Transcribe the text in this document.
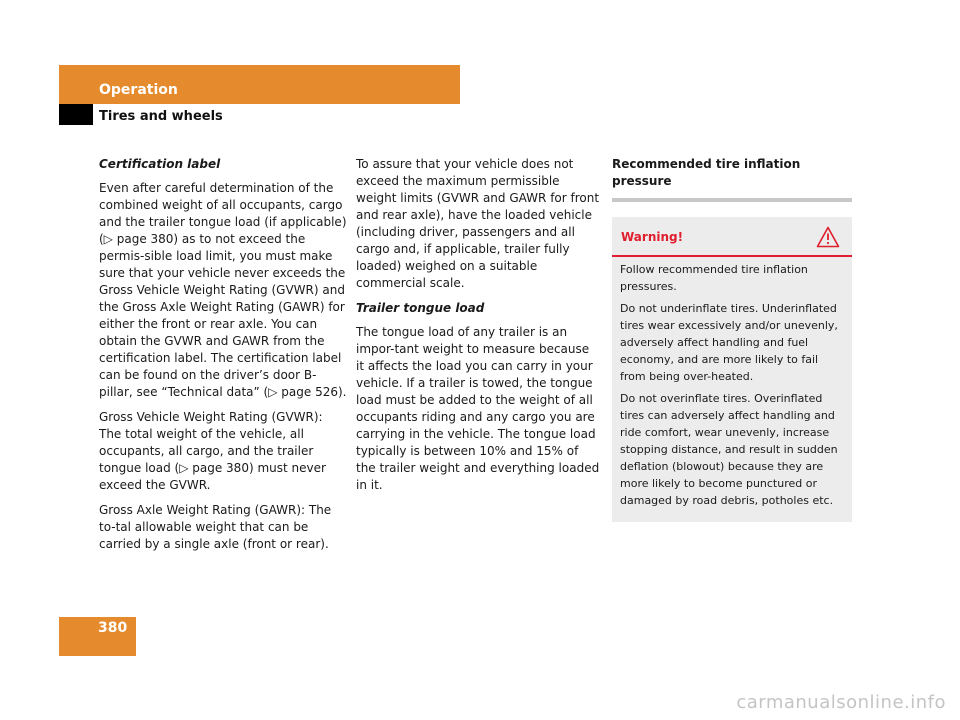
Operation
Tires and wheels

Certification label

Even after careful determination of the combined weight of all occupants, cargo and the trailer tongue load (if applicable) (▷ page 380) as to not exceed the permis-sible load limit, you must make sure that your vehicle never exceeds the Gross Vehicle Weight Rating (GVWR) and the Gross Axle Weight Rating (GAWR) for either the front or rear axle. You can obtain the GVWR and GAWR from the certification label. The certification label can be found on the driver’s door B-pillar, see “Technical data” (▷ page 526).

Gross Vehicle Weight Rating (GVWR): The total weight of the vehicle, all occupants, all cargo, and the trailer tongue load (▷ page 380) must never exceed the GVWR.

Gross Axle Weight Rating (GAWR): The to-tal allowable weight that can be carried by a single axle (front or rear).

To assure that your vehicle does not exceed the maximum permissible weight limits (GVWR and GAWR for front and rear axle), have the loaded vehicle (including driver, passengers and all cargo and, if applicable, trailer fully loaded) weighed on a suitable commercial scale.

Trailer tongue load

The tongue load of any trailer is an impor-tant weight to measure because it affects the load you can carry in your vehicle. If a trailer is towed, the tongue load must be added to the weight of all occupants riding and any cargo you are carrying in the vehicle. The tongue load typically is between 10% and 15% of the trailer weight and everything loaded in it.

Recommended tire inflation pressure

Warning!

Follow recommended tire inflation pressures.

Do not underinflate tires. Underinflated tires wear excessively and/or unevenly, adversely affect handling and fuel economy, and are more likely to fail from being over-heated.

Do not overinflate tires. Overinflated tires can adversely affect handling and ride comfort, wear unevenly, increase stopping distance, and result in sudden deflation (blowout) because they are more likely to become punctured or damaged by road debris, potholes etc.

380
carmanualsonline.info
